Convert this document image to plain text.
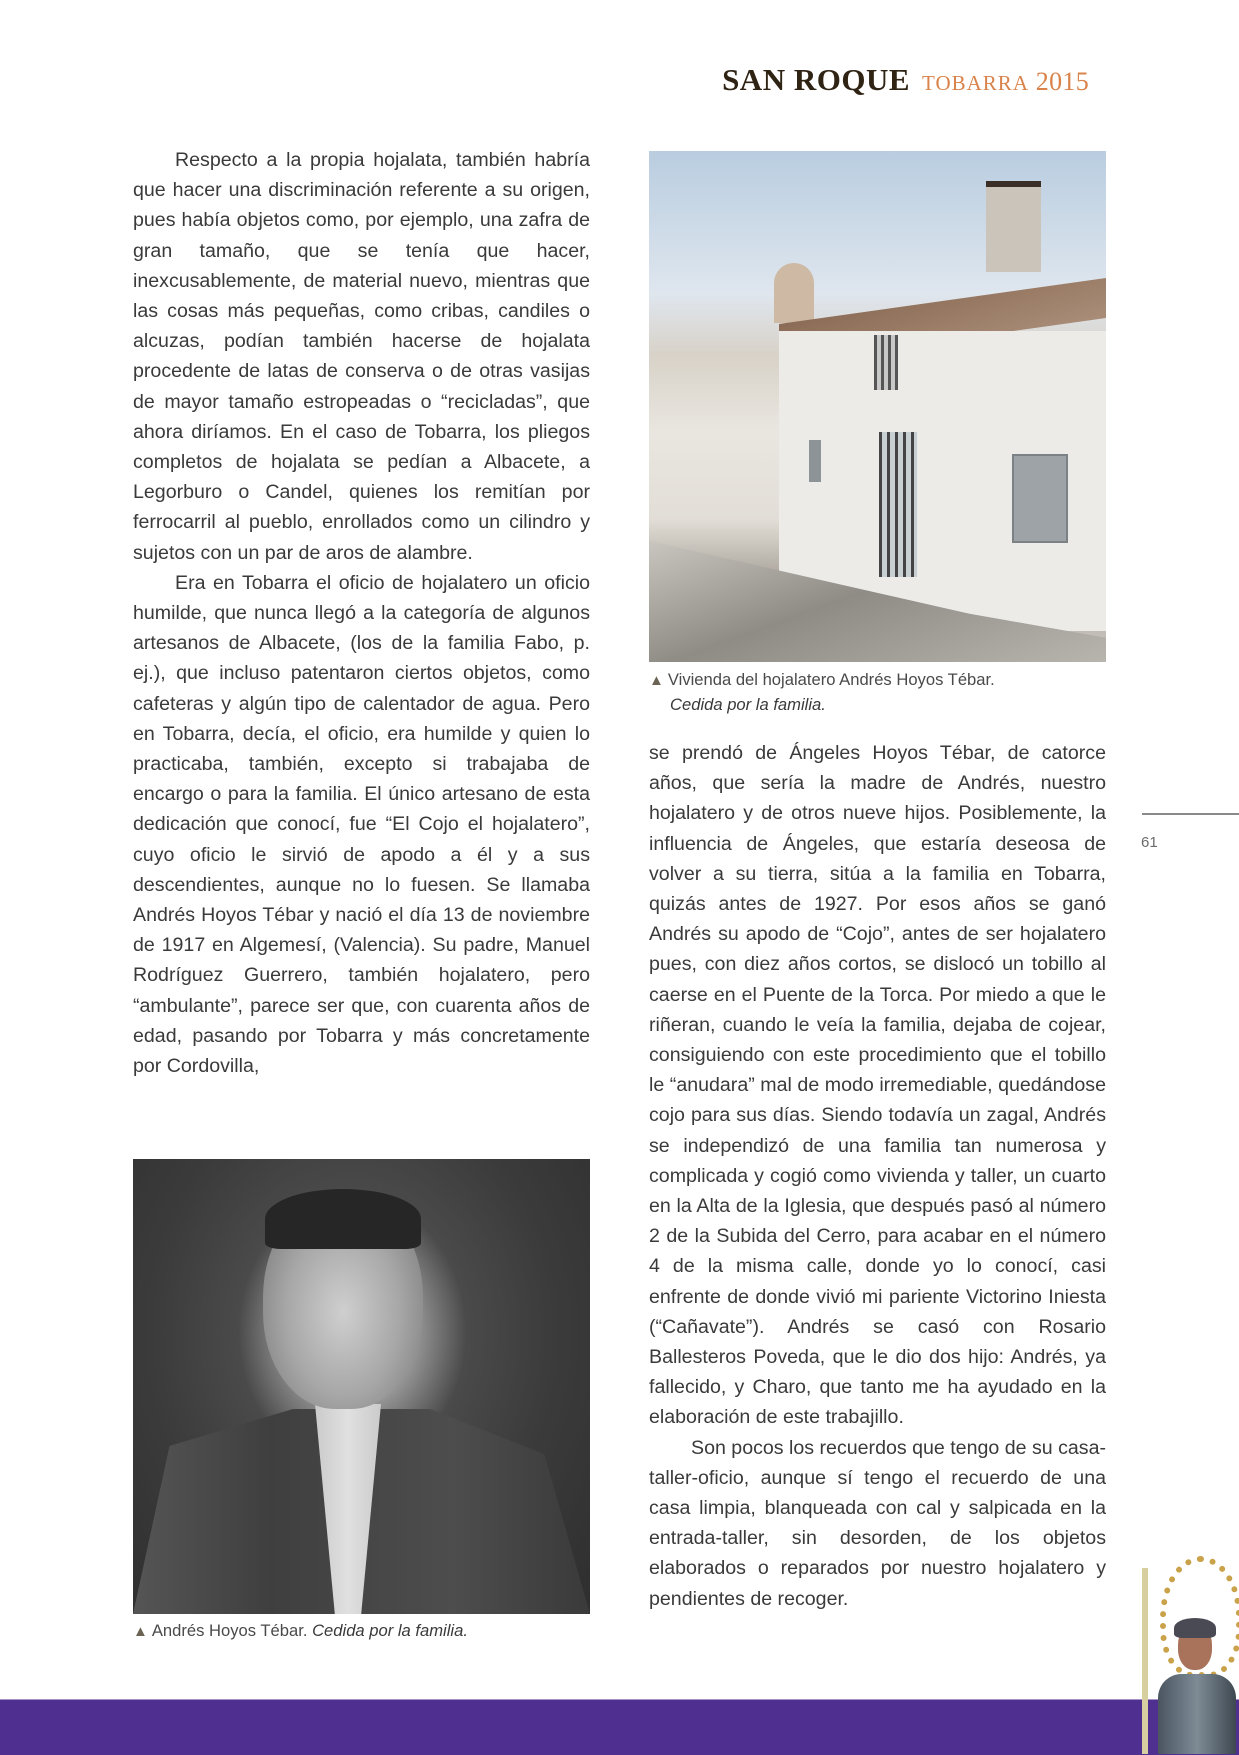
SAN ROQUE TOBARRA 2015

Respecto a la propia hojalata, también habría que hacer una discriminación referente a su origen, pues había objetos como, por ejemplo, una zafra de gran tamaño, que se tenía que hacer, inexcusablemente, de material nuevo, mientras que las cosas más pequeñas, como cribas, candiles o alcuzas, podían también hacerse de hojalata procedente de latas de conserva o de otras vasijas de mayor tamaño estropeadas o “recicladas”, que ahora diríamos. En el caso de Tobarra, los pliegos completos de hojalata se pedían a Albacete, a Legorburo o Candel, quienes los remitían por ferrocarril al pueblo, enrollados como un cilindro y sujetos con un par de aros de alambre.

Era en Tobarra el oficio de hojalatero un oficio humilde, que nunca llegó a la categoría de algunos artesanos de Albacete, (los de la familia Fabo, p. ej.), que incluso patentaron ciertos objetos, como cafeteras y algún tipo de calentador de agua. Pero en Tobarra, decía, el oficio, era humilde y quien lo practicaba, también, excepto si trabajaba de encargo o para la familia. El único artesano de esta dedicación que conocí, fue “El Cojo el hojalatero”, cuyo oficio le sirvió de apodo a él y a sus descendientes, aunque no lo fuesen. Se llamaba Andrés Hoyos Tébar y nació el día 13 de noviembre de 1917 en Algemesí, (Valencia). Su padre, Manuel Rodríguez Guerrero, también hojalatero, pero “ambulante”, parece ser que, con cuarenta años de edad, pasando por Tobarra y más concretamente por Cordovilla,

▲ Vivienda del hojalatero Andrés Hoyos Tébar.
Cedida por la familia.

se prendó de Ángeles Hoyos Tébar, de catorce años, que sería la madre de Andrés, nuestro hojalatero y de otros nueve hijos. Posiblemente, la influencia de Ángeles, que estaría deseosa de volver a su tierra, sitúa a la familia en Tobarra, quizás antes de 1927. Por esos años se ganó Andrés su apodo de “Cojo”, antes de ser hojalatero pues, con diez años cortos, se dislocó un tobillo al caerse en el Puente de la Torca. Por miedo a que le riñeran, cuando le veía la familia, dejaba de cojear, consiguiendo con este procedimiento que el tobillo le “anudara” mal de modo irremediable, quedándose cojo para sus días. Siendo todavía un zagal, Andrés se independizó de una familia tan numerosa y complicada y cogió como vivienda y taller, un cuarto en la Alta de la Iglesia, que después pasó al número 2 de la Subida del Cerro, para acabar en el número 4 de la misma calle, donde yo lo conocí, casi enfrente de donde vivió mi pariente Victorino Iniesta (“Cañavate”). Andrés se casó con Rosario Ballesteros Poveda, que le dio dos hijo: Andrés, ya fallecido, y Charo, que tanto me ha ayudado en la elaboración de este trabajillo.

Son pocos los recuerdos que tengo de su casa-taller-oficio, aunque sí tengo el recuerdo de una casa limpia, blanqueada con cal y salpicada en la entrada-taller, sin desorden, de los objetos elaborados o reparados por nuestro hojalatero y pendientes de recoger.

▲ Andrés Hoyos Tébar. Cedida por la familia.
61
